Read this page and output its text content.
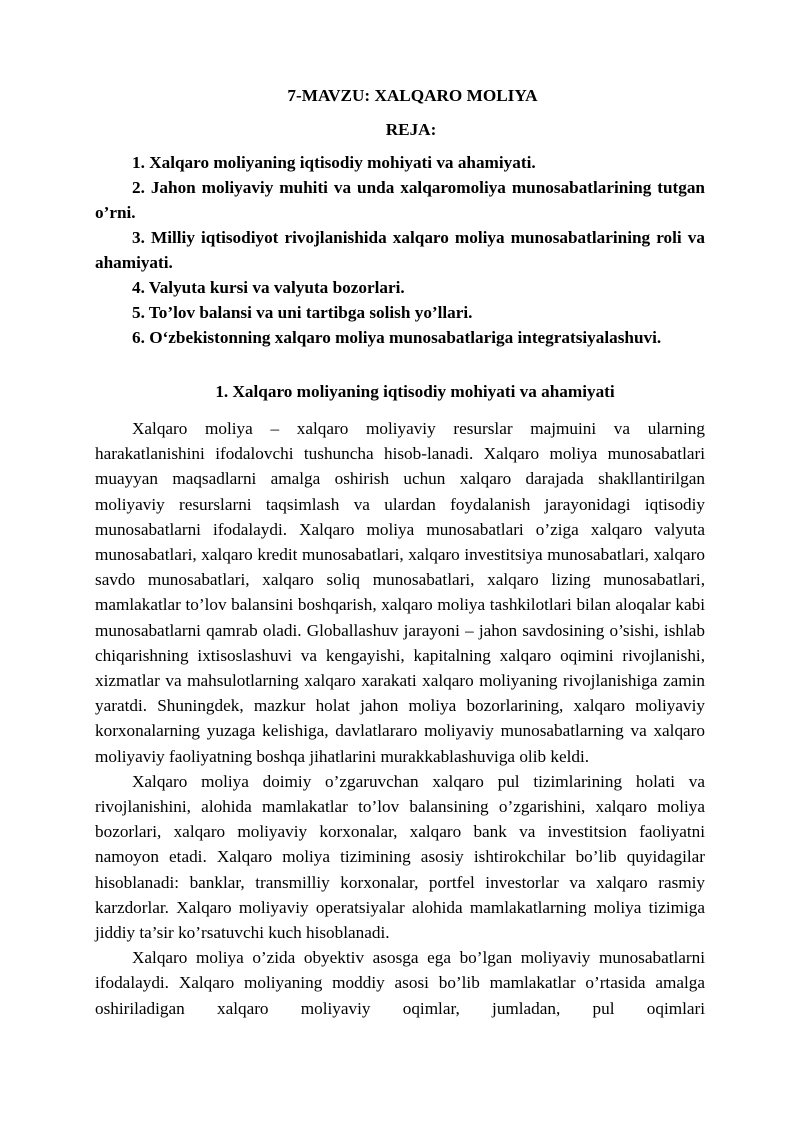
7-MAVZU: XALQARO MOLIYA
REJA:
1. Xalqaro moliyaning iqtisodiy mohiyati va ahamiyati.
2. Jahon moliyaviy muhiti va unda xalqaromoliya munosabatlarining tutgan o’rni.
3. Milliy iqtisodiyot rivojlanishida xalqaro moliya munosabatlarining roli va ahamiyati.
4. Valyuta kursi va valyuta bozorlari.
5. To’lov balansi va uni tartibga solish yo’llari.
6. O‘zbekistonning xalqaro moliya munosabatlariga integratsiyalashuvi.
1. Xalqaro moliyaning iqtisodiy mohiyati va ahamiyati

Xalqaro moliya – xalqaro moliyaviy resurslar majmuini va ularning harakatlanishini ifodalovchi tushuncha hisob-lanadi. Xalqaro moliya munosabatlari muayyan maqsadlarni amalga oshirish uchun xalqaro darajada shakllantirilgan moliyaviy resurslarni taqsimlash va ulardan foydalanish jarayonidagi iqtisodiy munosabatlarni ifodalaydi. Xalqaro moliya munosabatlari o’ziga xalqaro valyuta munosabatlari, xalqaro kredit munosabatlari, xalqaro investitsiya munosabatlari, xalqaro savdo munosabatlari, xalqaro soliq munosabatlari, xalqaro lizing munosabatlari, mamlakatlar to’lov balansini boshqarish, xalqaro moliya tashkilotlari bilan aloqalar kabi munosabatlarni qamrab oladi. Globallashuv jarayoni – jahon savdosining o’sishi, ishlab chiqarishning ixtisoslashuvi va kengayishi, kapitalning xalqaro oqimini rivojlanishi, xizmatlar va mahsulotlarning xalqaro xarakati xalqaro moliyaning rivojlanishiga zamin yaratdi. Shuningdek, mazkur holat jahon moliya bozorlarining, xalqaro moliyaviy korxonalarning yuzaga kelishiga, davlatlararo moliyaviy munosabatlarning va xalqaro moliyaviy faoliyatning boshqa jihatlarini murakkablashuviga olib keldi.

Xalqaro moliya doimiy o’zgaruvchan xalqaro pul tizimlarining holati va rivojlanishini, alohida mamlakatlar to’lov balansining o’zgarishini, xalqaro moliya bozorlari, xalqaro moliyaviy korxonalar, xalqaro bank va investitsion faoliyatni namoyon etadi. Xalqaro moliya tizimining asosiy ishtirokchilar bo’lib quyidagilar hisoblanadi: banklar, transmilliy korxonalar, portfel investorlar va xalqaro rasmiy karzdorlar. Xalqaro moliyaviy operatsiyalar alohida mamlakatlarning moliya tizimiga jiddiy ta’sir ko’rsatuvchi kuch hisoblanadi.

Xalqaro moliya o’zida obyektiv asosga ega bo’lgan moliyaviy munosabatlarni ifodalaydi. Xalqaro moliyaning moddiy asosi bo’lib mamlakatlar o’rtasida amalga oshiriladigan xalqaro moliyaviy oqimlar, jumladan, pul oqimlari
